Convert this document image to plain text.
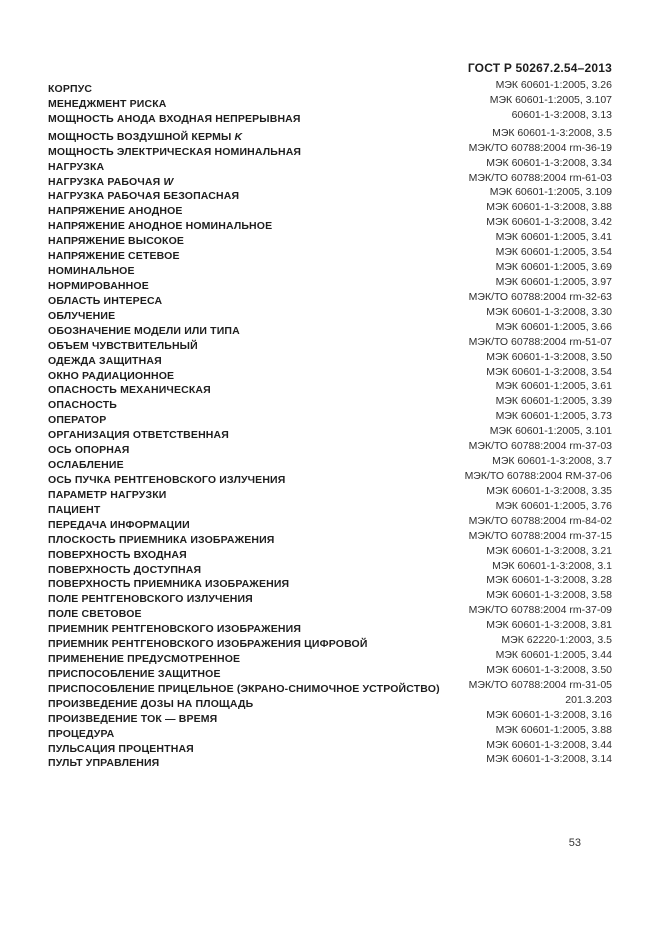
ГОСТ Р 50267.2.54–2013
КОРПУС	МЭК 60601-1:2005, 3.26
МЕНЕДЖМЕНТ РИСКА	МЭК 60601-1:2005, 3.107
МОЩНОСТЬ АНОДА ВХОДНАЯ НЕПРЕРЫВНАЯ	60601-1-3:2008, 3.13
МОЩНОСТЬ ВОЗДУШНОЙ КЕРМЫ K	МЭК 60601-1-3:2008, 3.5
МОЩНОСТЬ ЭЛЕКТРИЧЕСКАЯ НОМИНАЛЬНАЯ	МЭК/ТО 60788:2004 rm-36-19
НАГРУЗКА	МЭК 60601-1-3:2008, 3.34
НАГРУЗКА РАБОЧАЯ W	МЭК/ТО 60788:2004 rm-61-03
НАГРУЗКА РАБОЧАЯ БЕЗОПАСНАЯ	МЭК 60601-1:2005, 3.109
НАПРЯЖЕНИЕ АНОДНОЕ	МЭК 60601-1-3:2008, 3.88
НАПРЯЖЕНИЕ АНОДНОЕ НОМИНАЛЬНОЕ	МЭК 60601-1-3:2008, 3.42
НАПРЯЖЕНИЕ ВЫСОКОЕ	МЭК 60601-1:2005, 3.41
НАПРЯЖЕНИЕ СЕТЕВОЕ	МЭК 60601-1:2005, 3.54
НОМИНАЛЬНОЕ	МЭК 60601-1:2005, 3.69
НОРМИРОВАННОЕ	МЭК 60601-1:2005, 3.97
ОБЛАСТЬ ИНТЕРЕСА	МЭК/ТО 60788:2004 rm-32-63
ОБЛУЧЕНИЕ	МЭК 60601-1-3:2008, 3.30
ОБОЗНАЧЕНИЕ МОДЕЛИ ИЛИ ТИПА	МЭК 60601-1:2005, 3.66
ОБЪЕМ ЧУВСТВИТЕЛЬНЫЙ	МЭК/ТО 60788:2004 rm-51-07
ОДЕЖДА ЗАЩИТНАЯ	МЭК 60601-1-3:2008, 3.50
ОКНО РАДИАЦИОННОЕ	МЭК 60601-1-3:2008, 3.54
ОПАСНОСТЬ МЕХАНИЧЕСКАЯ	МЭК 60601-1:2005, 3.61
ОПАСНОСТЬ	МЭК 60601-1:2005, 3.39
ОПЕРАТОР	МЭК 60601-1:2005, 3.73
ОРГАНИЗАЦИЯ ОТВЕТСТВЕННАЯ	МЭК 60601-1:2005, 3.101
ОСЬ ОПОРНАЯ	МЭК/ТО 60788:2004 rm-37-03
ОСЛАБЛЕНИЕ	МЭК 60601-1-3:2008, 3.7
ОСЬ ПУЧКА РЕНТГЕНОВСКОГО ИЗЛУЧЕНИЯ	МЭК/ТО 60788:2004 RM-37-06
ПАРАМЕТР НАГРУЗКИ	МЭК 60601-1-3:2008, 3.35
ПАЦИЕНТ	МЭК 60601-1:2005, 3.76
ПЕРЕДАЧА ИНФОРМАЦИИ	МЭК/ТО 60788:2004 rm-84-02
ПЛОСКОСТЬ ПРИЕМНИКА ИЗОБРАЖЕНИЯ	МЭК/ТО 60788:2004 rm-37-15
ПОВЕРХНОСТЬ ВХОДНАЯ	МЭК 60601-1-3:2008, 3.21
ПОВЕРХНОСТЬ ДОСТУПНАЯ	МЭК 60601-1-3:2008, 3.1
ПОВЕРХНОСТЬ ПРИЕМНИКА ИЗОБРАЖЕНИЯ	МЭК 60601-1-3:2008, 3.28
ПОЛЕ РЕНТГЕНОВСКОГО ИЗЛУЧЕНИЯ	МЭК 60601-1-3:2008, 3.58
ПОЛЕ СВЕТОВОЕ	МЭК/ТО 60788:2004 rm-37-09
ПРИЕМНИК РЕНТГЕНОВСКОГО ИЗОБРАЖЕНИЯ	МЭК 60601-1-3:2008, 3.81
ПРИЕМНИК РЕНТГЕНОВСКОГО ИЗОБРАЖЕНИЯ ЦИФРОВОЙ	МЭК 62220-1:2003, 3.5
ПРИМЕНЕНИЕ ПРЕДУСМОТРЕННОЕ	МЭК 60601-1:2005, 3.44
ПРИСПОСОБЛЕНИЕ ЗАЩИТНОЕ	МЭК 60601-1-3:2008, 3.50
ПРИСПОСОБЛЕНИЕ ПРИЦЕЛЬНОЕ (ЭКРАНО-СНИМОЧНОЕ УСТРОЙСТВО)	МЭК/ТО 60788:2004 rm-31-05
ПРОИЗВЕДЕНИЕ ДОЗЫ НА ПЛОЩАДЬ	201.3.203
ПРОИЗВЕДЕНИЕ ТОК — ВРЕМЯ	МЭК 60601-1-3:2008, 3.16
ПРОЦЕДУРА	МЭК 60601-1:2005, 3.88
ПУЛЬСАЦИЯ ПРОЦЕНТНАЯ	МЭК 60601-1-3:2008, 3.44
ПУЛЬТ УПРАВЛЕНИЯ	МЭК 60601-1-3:2008, 3.14
53
